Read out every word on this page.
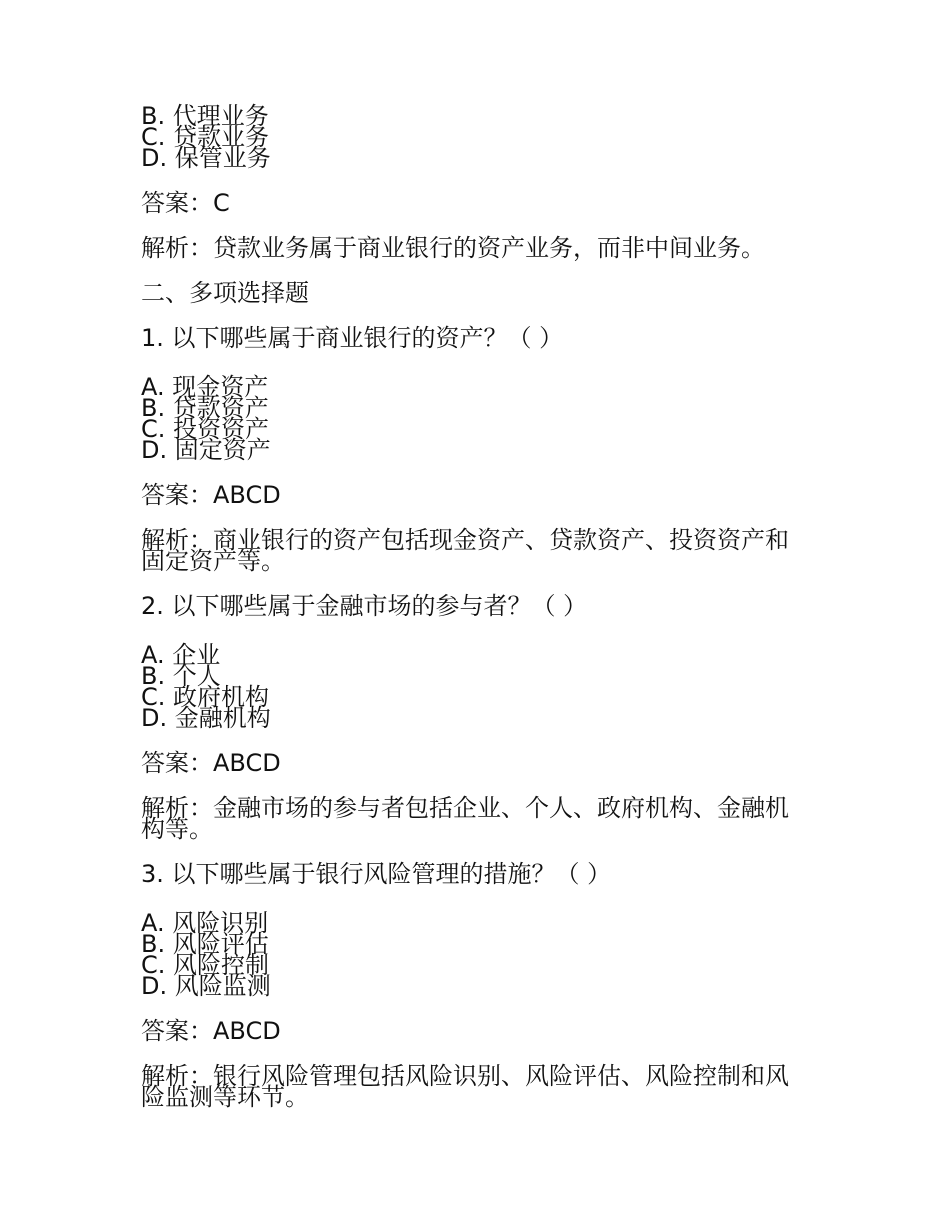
B. 代理业务
C. 贷款业务
D. 保管业务
答案：C
解析：贷款业务属于商业银行的资产业务，而非中间业务。
二、多项选择题
1. 以下哪些属于商业银行的资产？（ ）
A. 现金资产
B. 贷款资产
C. 投资资产
D. 固定资产
答案：ABCD
解析：商业银行的资产包括现金资产、贷款资产、投资资产和
固定资产等。
2. 以下哪些属于金融市场的参与者？（ ）
A. 企业
B. 个人
C. 政府机构
D. 金融机构
答案：ABCD
解析：金融市场的参与者包括企业、个人、政府机构、金融机
构等。
3. 以下哪些属于银行风险管理的措施？（ ）
A. 风险识别
B. 风险评估
C. 风险控制
D. 风险监测
答案：ABCD
解析：银行风险管理包括风险识别、风险评估、风险控制和风
险监测等环节。
